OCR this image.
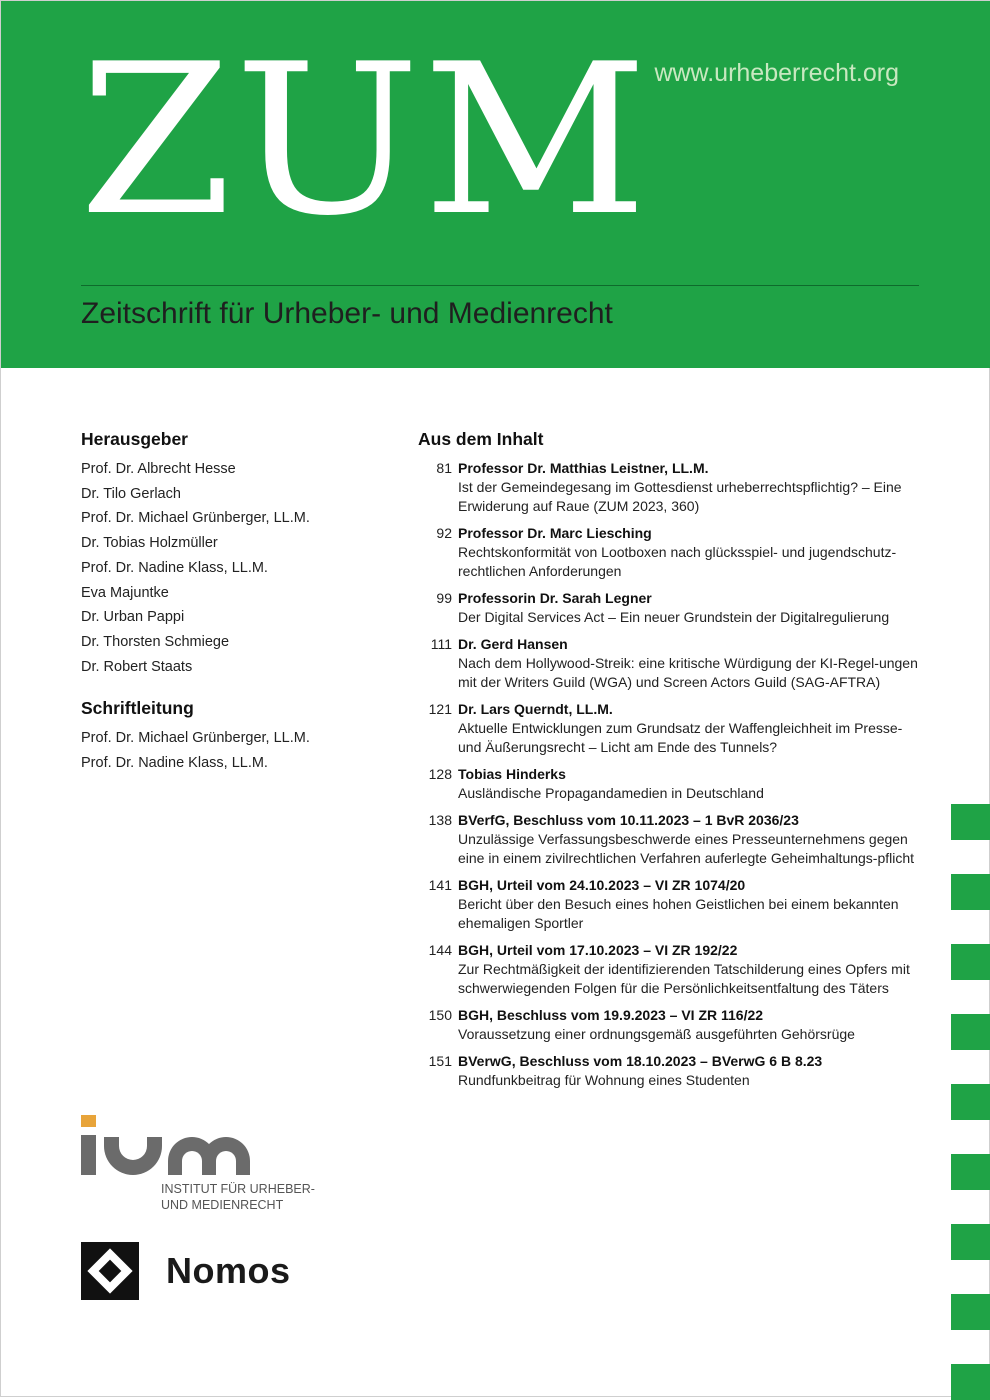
ZUM www.urheberrecht.org
Zeitschrift für Urheber- und Medienrecht
Herausgeber
Prof. Dr. Albrecht Hesse
Dr. Tilo Gerlach
Prof. Dr. Michael Grünberger, LL.M.
Dr. Tobias Holzmüller
Prof. Dr. Nadine Klass, LL.M.
Eva Majuntke
Dr. Urban Pappi
Dr. Thorsten Schmiege
Dr. Robert Staats
Schriftleitung
Prof. Dr. Michael Grünberger, LL.M.
Prof. Dr. Nadine Klass, LL.M.
Aus dem Inhalt
81 Professor Dr. Matthias Leistner, LL.M.
Ist der Gemeindegesang im Gottesdienst urheberrechtspflichtig? – Eine Erwiderung auf Raue (ZUM 2023, 360)
92 Professor Dr. Marc Liesching
Rechtskonformität von Lootboxen nach glücksspiel- und jugendschutz-rechtlichen Anforderungen
99 Professorin Dr. Sarah Legner
Der Digital Services Act – Ein neuer Grundstein der Digitalregulierung
111 Dr. Gerd Hansen
Nach dem Hollywood-Streik: eine kritische Würdigung der KI-Regel-ungen mit der Writers Guild (WGA) und Screen Actors Guild (SAG-AFTRA)
121 Dr. Lars Querndt, LL.M.
Aktuelle Entwicklungen zum Grundsatz der Waffengleichheit im Presse- und Äußerungsrecht – Licht am Ende des Tunnels?
128 Tobias Hinderks
Ausländische Propagandamedien in Deutschland
138 BVerfG, Beschluss vom 10.11.2023 – 1 BvR 2036/23
Unzulässige Verfassungsbeschwerde eines Presseunternehmens gegen eine in einem zivilrechtlichen Verfahren auferlegte Geheimhaltungs-pflicht
141 BGH, Urteil vom 24.10.2023 – VI ZR 1074/20
Bericht über den Besuch eines hohen Geistlichen bei einem bekannten ehemaligen Sportler
144 BGH, Urteil vom 17.10.2023 – VI ZR 192/22
Zur Rechtmäßigkeit der identifizierenden Tatschilderung eines Opfers mit schwerwiegenden Folgen für die Persönlichkeitsentfaltung des Täters
150 BGH, Beschluss vom 19.9.2023 – VI ZR 116/22
Voraussetzung einer ordnungsgemäß ausgeführten Gehörsrüge
151 BVerwG, Beschluss vom 18.10.2023 – BVerwG 6 B 8.23
Rundfunkbeitrag für Wohnung eines Studenten
INSTITUT FÜR URHEBER-
UND MEDIENRECHT
Nomos
